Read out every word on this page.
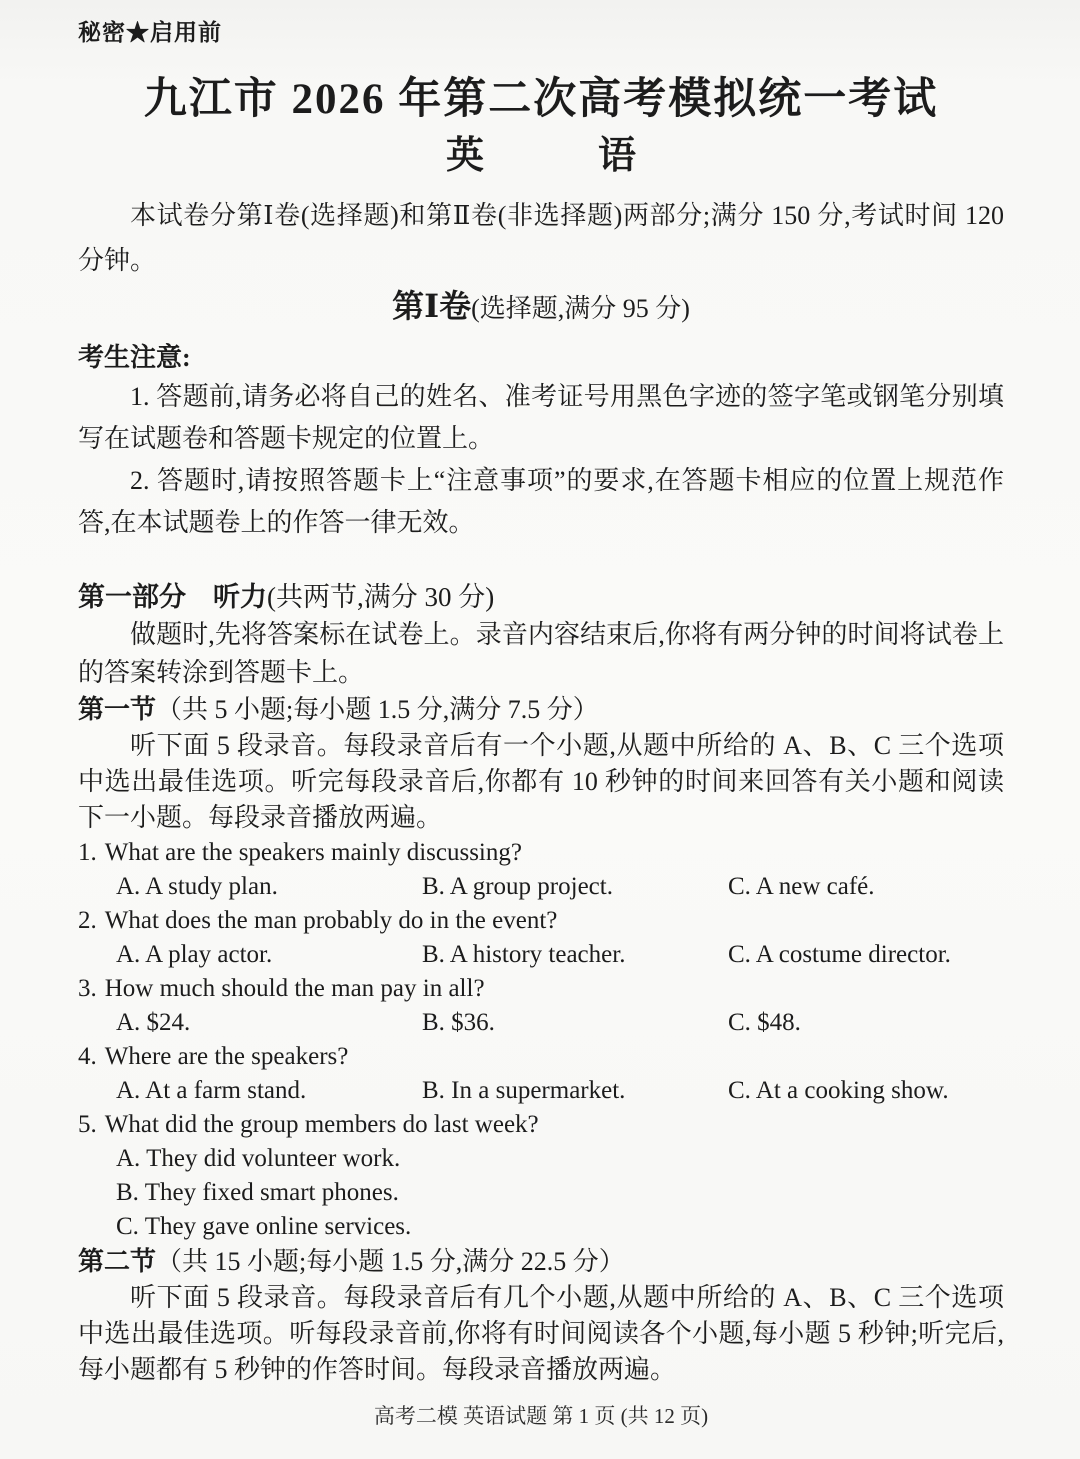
秘密★启用前
九江市 2026 年第二次高考模拟统一考试
英　　　语

本试卷分第Ⅰ卷(选择题)和第Ⅱ卷(非选择题)两部分;满分 150 分,考试时间 120 分钟。

第Ⅰ卷(选择题,满分 95 分)
考生注意:

1. 答题前,请务必将自己的姓名、准考证号用黑色字迹的签字笔或钢笔分别填写在试题卷和答题卡规定的位置上。

2. 答题时,请按照答题卡上“注意事项”的要求,在答题卡相应的位置上规范作答,在本试题卷上的作答一律无效。

第一部分　听力(共两节,满分 30 分)

做题时,先将答案标在试卷上。录音内容结束后,你将有两分钟的时间将试卷上的答案转涂到答题卡上。

第一节（共 5 小题;每小题 1.5 分,满分 7.5 分）

听下面 5 段录音。每段录音后有一个小题,从题中所给的 A、B、C 三个选项中选出最佳选项。听完每段录音后,你都有 10 秒钟的时间来回答有关小题和阅读下一小题。每段录音播放两遍。

1. What are the speakers mainly discussing?
A. A study plan.	B. A group project.	C. A new café.
2. What does the man probably do in the event?
A. A play actor.	B. A history teacher.	C. A costume director.
3. How much should the man pay in all?
A. $24.	B. $36.	C. $48.
4. Where are the speakers?
A. At a farm stand.	B. In a supermarket.	C. At a cooking show.
5. What did the group members do last week?
A. They did volunteer work.
B. They fixed smart phones.
C. They gave online services.
第二节（共 15 小题;每小题 1.5 分,满分 22.5 分）

听下面 5 段录音。每段录音后有几个小题,从题中所给的 A、B、C 三个选项中选出最佳选项。听每段录音前,你将有时间阅读各个小题,每小题 5 秒钟;听完后,每小题都有 5 秒钟的作答时间。每段录音播放两遍。

高考二模 英语试题 第 1 页 (共 12 页)
